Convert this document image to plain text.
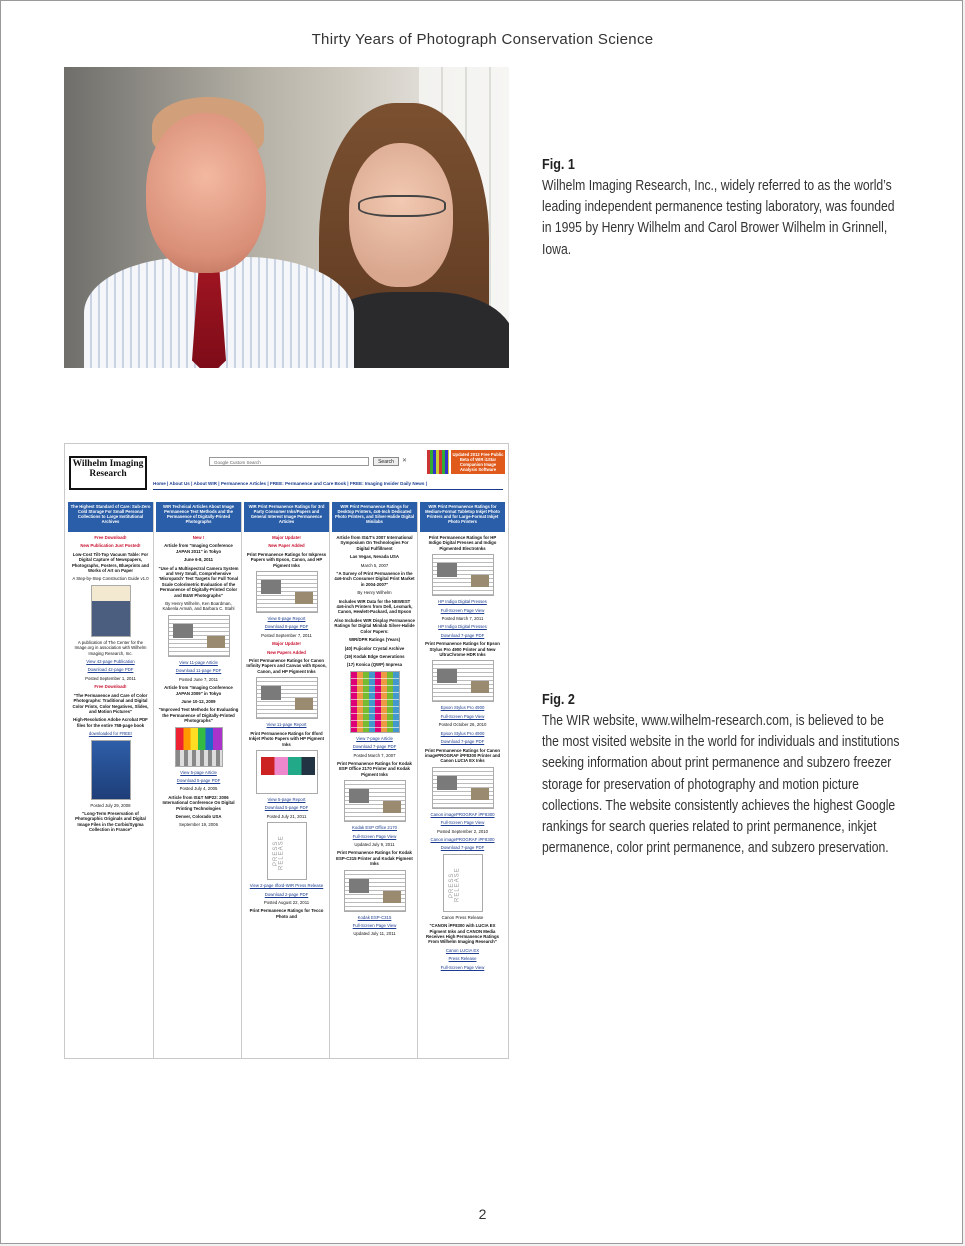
Thirty Years of Photograph Conservation Science
Fig. 1
Wilhelm Imaging Research, Inc., widely referred to as the world’s leading independent permanence testing laboratory, was founded in 1995 by Henry Wilhelm and Carol Brower Wilhelm in Grinnell, Iowa.
Wilhelm Imaging Research
Google Custom Search	Search	✕
Updated 2012 Free Public Beta of WIR i1Star Companion Image Analysis Software
Home | About Us | About WIR | Permanence Articles | FREE: Permanence and Care Book | FREE: Imaging Insider Daily News |
The Highest Standard of Care: Sub-Zero Cold Storage For Small Personal Collections to Large Institutional Archives

Free Download!

New Publication Just Posted!

Low-Cost Tilt-Top Vacuum Table: For Digital Capture of Newspapers, Photographs, Posters, Blueprints and Works of Art on Paper

A Step-by-Step Construction Guide v1.0

A publication of The Center for the Image.org in association with Wilhelm Imaging Research, Inc.

View 42-page Publication

Download 42-page PDF

Posted September 1, 2011

Free Download!

"The Permanence and Care of Color Photographs: Traditional and Digital Color Prints, Color Negatives, Slides, and Motion Pictures"

High-Resolution Adobe Acrobat PDF files for the entire 758-page book

downloaded for FREE!

Posted July 29, 2008

"Long-Term Preservation of Photographic Originals and Digital Image Files in the Corbis/Sygma Collection in France"

WIR Technical Articles About Image Permanence Test Methods and the Permanence of Digitally-Printed Photographs

New !

Article from "Imaging Conference JAPAN 2011" in Tokyo

June 6-8, 2011

"Use of a Multispectral Camera System and Very Small, Comprehensive 'Micropatch' Test Targets for Full Tonal Scale Colorimetric Evaluation of the Permanence of Digitally-Printed Color and B&W Photographs"

By Henry Wilhelm, Ken Boardman, Kabenla Armah, and Barbara C. Stahl

View 11-page Article

Download 11-page PDF

Posted June 7, 2011

Article from "Imaging Conference JAPAN 2009" in Tokyo

June 10-12, 2009

"Improved Test Methods for Evaluating the Permanence of Digitally-Printed Photographs"

View 5-page Article

Download 5-page PDF

Posted July 4, 2005

Article from IS&T NIP22: 2006 International Conference On Digital Printing Technologies

Denver, Colorado USA

September 19, 2006

WIR Print Permanence Ratings for 3rd Party Consumer Inks/Papers and General Interest Image Permanence Articles

Major Update!

New Paper Added

Print Permanence Ratings for Inkpress Papers with Epson, Canon, and HP Pigment Inks

View 8-page Report

Download 8-page PDF

Posted September 7, 2011

Major Update!

New Papers Added

Print Permanence Ratings for Canon Infinity Papers and Canvas with Epson, Canon, and HP Pigment Inks

View 11-page Report

Print Permanence Ratings for Ilford Inkjet Photo Papers with HP Pigment Inks

View 5-page Report

Download 5-page PDF

Posted July 21, 2011

PRESS RELEASE

View 2-page Ilford-WIR Press Release

Download 2-page PDF

Posted August 22, 2011

Print Permanence Ratings for Tecco Photo and

WIR Print Permanence Ratings for Desktop Printers, 4x6-Inch Dedicated Photo Printers, and Silver-Halide Digital Minilabs

Article from IS&T's 2007 International Symposium On Technologies For Digital Fulfillment

Las Vegas, Nevada USA

March 5, 2007

"A Survey of Print Permanence in the 4x6-Inch Consumer Digital Print Market in 2004-2007"

By Henry Wilhelm

Includes WIR Data for the NEWEST 4x6-inch Printers from Dell, Lexmark, Canon, Hewlett-Packard, and Epson

Also Includes WIR Display Permanence Ratings for Digital Minilab Silver-Halide Color Papers:

WIR/DPR Ratings (Years)

(40) Fujicolor Crystal Archive

(19) Kodak Edge Generations

(17) Konica (QWP) Impresa

View 7-page Article

Download 7-page PDF

Posted March 7, 2007

Print Permanence Ratings for Kodak ESP Office 2170 Printer and Kodak Pigment Inks

Kodak ESP Office 2170

Full-Screen Page View

Updated July 9, 2011

Print Permanence Ratings for Kodak ESP-C315 Printer and Kodak Pigment Inks

Kodak ESP-C315

Full-Screen Page View

Updated July 11, 2011

WIR Print Permanence Ratings for Medium-Format Tabletop Inkjet Photo Printers and for Large-Format Inkjet Photo Printers

Print Permanence Ratings for HP Indigo Digital Presses and Indigo Pigmented ElectroInks

HP Indigo Digital Presses

Full-Screen Page View

Posted March 7, 2011

HP Indigo Digital Presses

Download 7-page PDF

Print Permanence Ratings for Epson Stylus Pro 4900 Printer and New UltraChrome HDR Inks

Epson Stylus Pro 4900

Full-Screen Page View

Posted October 26, 2010

Epson Stylus Pro 4900

Download 7-page PDF

Print Permanence Ratings for Canon imagePROGRAF iPF8300 Printer and Canon LUCIA EX Inks

Canon imagePROGRAF iPF8300

Full-Screen Page View

Posted September 2, 2010

Canon imagePROGRAF iPF8300

Download 7-page PDF

PRESS RELEASE

Canon Press Release

"CANON iPF8300 with LUCIA EX Pigment Inks and CANON Media Receives High Permanence Ratings From Wilhelm Imaging Research"

Canon LUCIA EX

Press Release

Full-Screen Page View

Fig. 2
The WIR website, www.wilhelm-research.com, is believed to be the most visited website in the world for individuals and institutions seeking information about print permanence and subzero freezer storage for preservation of photography and motion picture collections. The website consistently achieves the highest Google rankings for search queries related to print permanence, inkjet permanence, color print permanence, and subzero preservation.
2
